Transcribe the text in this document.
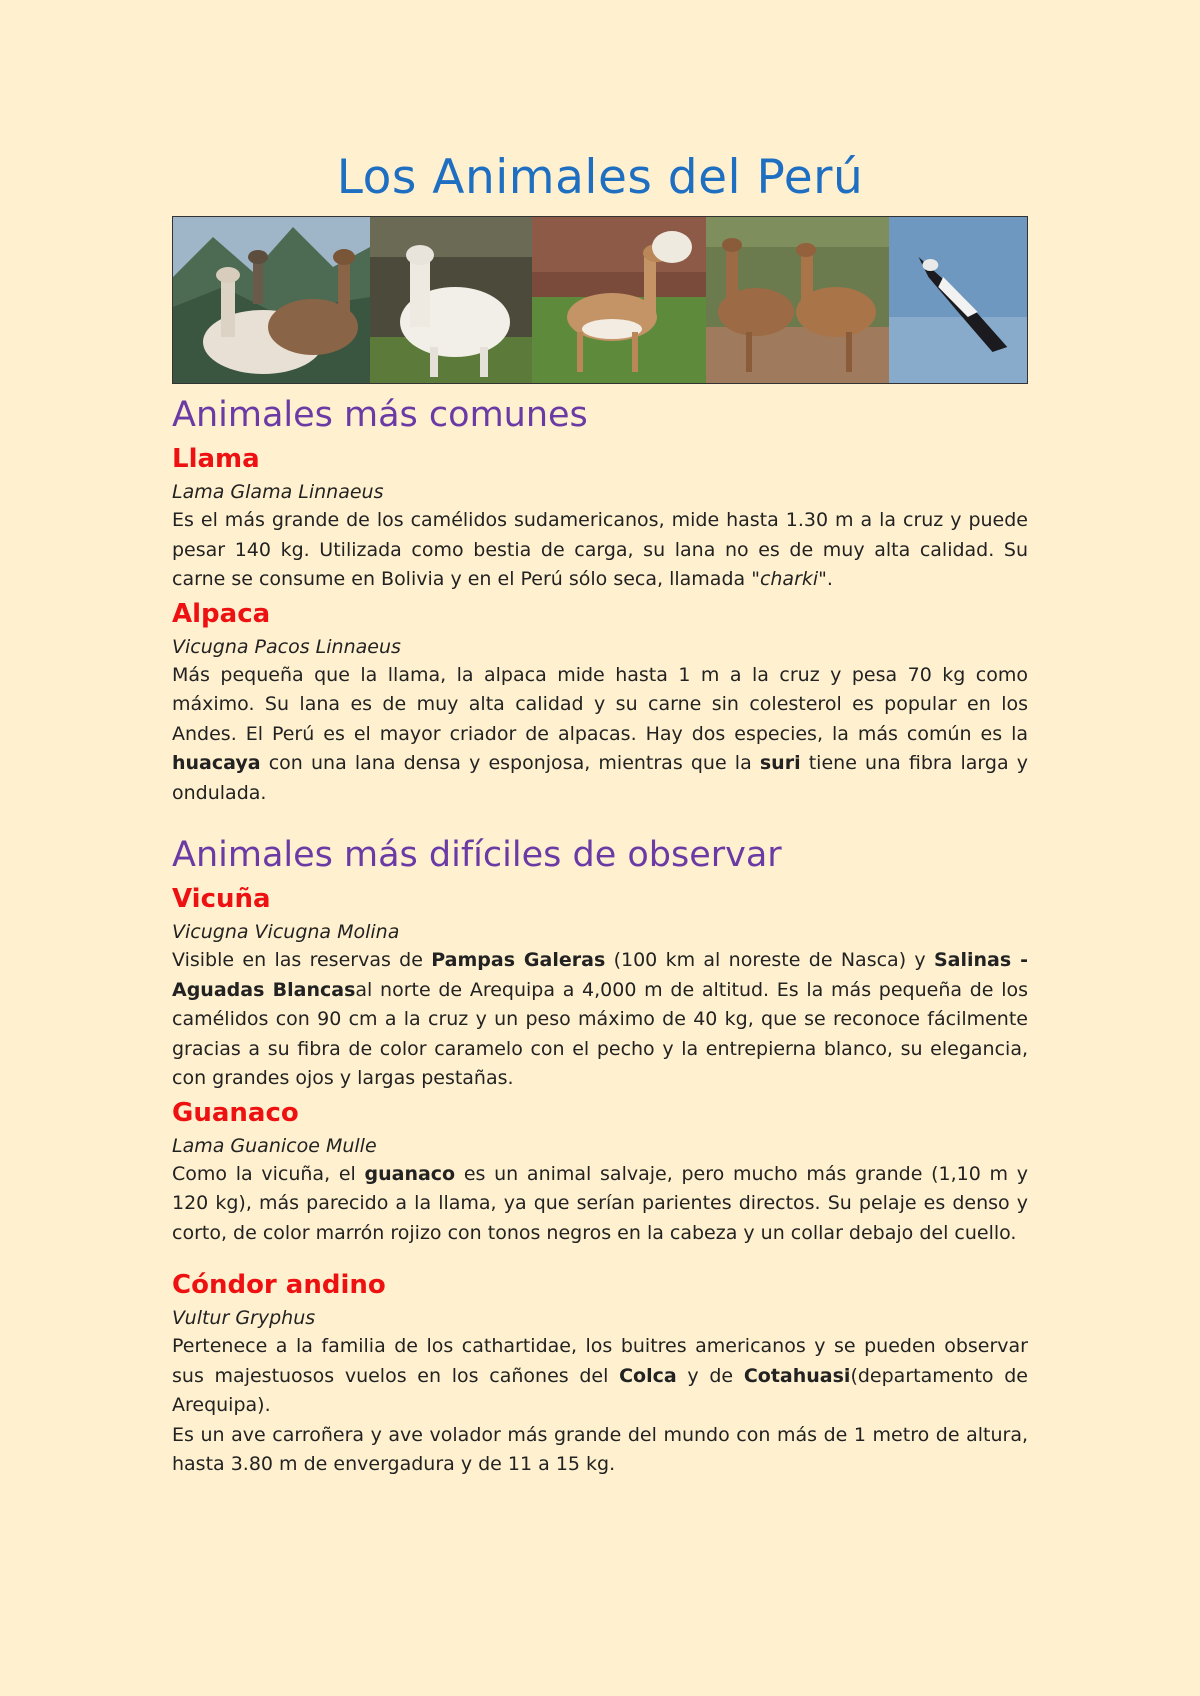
Los Animales del Perú
Animales más comunes
Llama

Lama Glama Linnaeus

Es el más grande de los camélidos sudamericanos, mide hasta 1.30 m a la cruz y puede pesar 140 kg. Utilizada como bestia de carga, su lana no es de muy alta calidad. Su carne se consume en Bolivia y en el Perú sólo seca, llamada "charki".

Alpaca

Vicugna Pacos Linnaeus

Más pequeña que la llama, la alpaca mide hasta 1 m a la cruz y pesa 70 kg como máximo. Su lana es de muy alta calidad y su carne sin colesterol es popular en los Andes. El Perú es el mayor criador de alpacas. Hay dos especies, la más común es la huacaya con una lana densa y esponjosa, mientras que la suri tiene una fibra larga y ondulada.

Animales más difíciles de observar
Vicuña

Vicugna Vicugna Molina

Visible en las reservas de Pampas Galeras (100 km al noreste de Nasca) y Salinas - Aguadas Blancasal norte de Arequipa a 4,000 m de altitud. Es la más pequeña de los camélidos con 90 cm a la cruz y un peso máximo de 40 kg, que se reconoce fácilmente gracias a su fibra de color caramelo con el pecho y la entrepierna blanco, su elegancia, con grandes ojos y largas pestañas.

Guanaco

Lama Guanicoe Mulle

Como la vicuña, el guanaco es un animal salvaje, pero mucho más grande (1,10 m y 120 kg), más parecido a la llama, ya que serían parientes directos. Su pelaje es denso y corto, de color marrón rojizo con tonos negros en la cabeza y un collar debajo del cuello.

Cóndor andino

Vultur Gryphus

Pertenece a la familia de los cathartidae, los buitres americanos y se pueden observar sus majestuosos vuelos en los cañones del Colca y de Cotahuasi(departamento de Arequipa).

Es un ave carroñera y ave volador más grande del mundo con más de 1 metro de altura, hasta 3.80 m de envergadura y de 11 a 15 kg.
